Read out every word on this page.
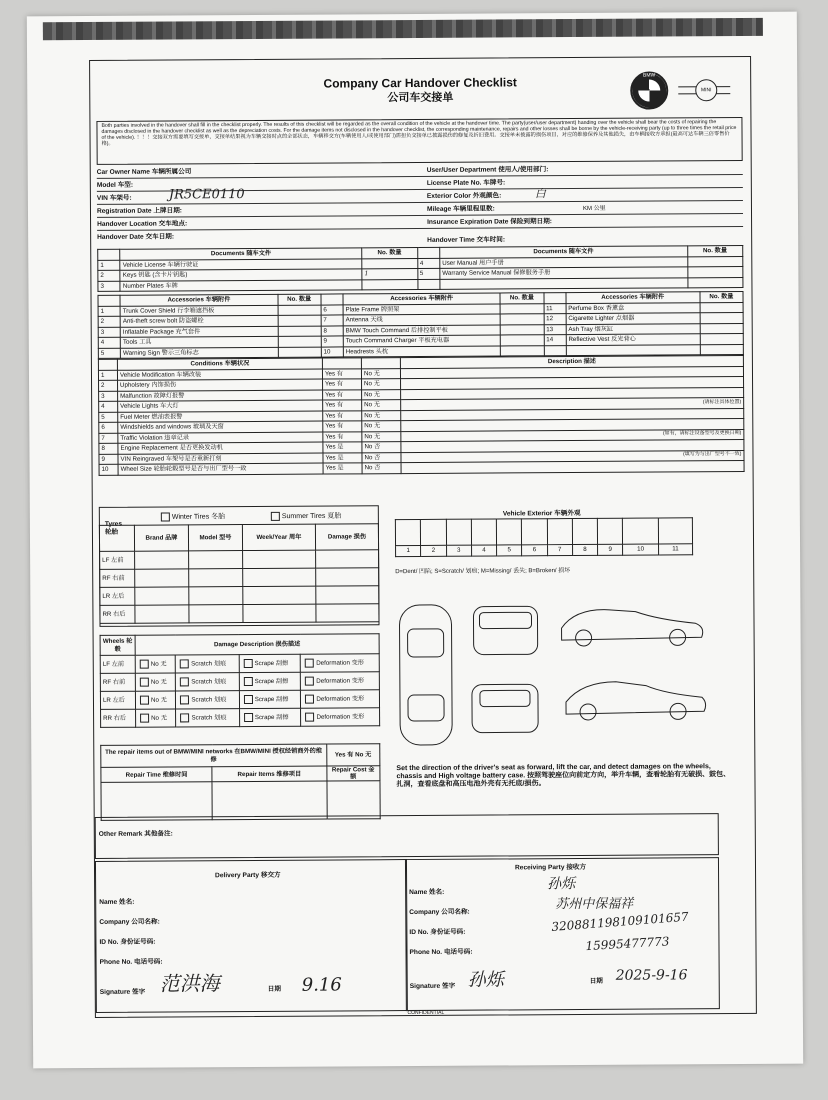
Company Car Handover Checklist
公司车交接单
BMW
MINI
Both parties involved in the handover shall fill in the checklist properly. The results of this checklist will be regarded as the overall condition of the vehicle at the handover time. The party(user/user department) handing over the vehicle shall bear the costs of repairing the damages disclosed in the handover checklist as well as the depreciation costs. For the damage items not disclosed in the handover checklist, the corresponding maintenance, repairs and other losses shall be borne by the vehicle-receiving party (up to three times the retail price of the vehicle). ！！！交接双方需要填写交接单，交接单结果视为车辆交接时点的全部状态，车辆移交方(车辆使用人/或使用部门)需担负交接单已披露损伤的修复及折旧费用。交接单未披露的损伤项目，对应的维修保养及其他损失，由车辆接收方承担(最高可达车辆三倍零售价格)。
Car Owner Name 车辆所属公司	User/User Department 使用人/使用部门:
Model 车型:	License Plate No. 车牌号:
VIN 车架号:	JR5CE0110	Exterior Color 外观颜色:	白
Registration Date 上牌日期:	Mileage 车辆里程里数:	KM 公里
Handover Location 交车地点:	Insurance Expiration Date 保险到期日期:
Handover Date 交车日期:	Handover Time 交车时间:
	Documents 随车文件	No. 数量		Documents 随车文件	No. 数量
1	Vehicle License 车辆行驶证		4	User Manual 用户手册	
2	Keys 钥匙 (含卡片钥匙)	1	5	Warranty Service Manual 保修服务手册	
3	Number Plates 车牌				
	Accessories 车辆附件	No. 数量		Accessories 车辆附件	No. 数量		Accessories 车辆附件	No. 数量
1	Trunk Cover Shield 行李箱遮挡板		6	Plate Frame 牌照架		11	Perfume Box 香薰盒	
2	Anti-theft screw bolt 防盗螺栓		7	Antenna 天线		12	Cigarette Lighter 点烟器	
3	Inflatable Package 充气套件		8	BMW Touch Command 后排控制平板		13	Ash Tray 烟灰缸	
4	Tools 工具		9	Touch Command Charger 平板充电器		14	Reflective Vest 反光背心	
5	Warning Sign 警示三角标志		10	Headrests 头枕				
	Conditions 车辆状况			Description 描述
1	Vehicle Modification 车辆改装	Yes 有	No 无	
2	Upholstery 内饰损伤	Yes 有	No 无	
3	Malfunction 故障灯报警	Yes 有	No 无	
4	Vehicle Lights 车大灯	Yes 有	No 无	(请标注具体位置)
5	Fuel Meter 燃油表报警	Yes 有	No 无	
6	Windshields and windows 玻璃及天窗	Yes 有	No 无	
7	Traffic Violation 违章记录	Yes 有	No 无	(如有，请标注设备型号及更换日期)
8	Engine Replacement 是否更换发动机	Yes 是	No 否	
9	VIN Reingraved 车架号是否重新打刻	Yes 是	No 否	(填写为与出厂型号不一致)
10	Wheel Size 轮胎轮毂型号是否与出厂型号一致	Yes 是	No 否	
Tyres 轮胎
Winter Tires 冬胎	Summer Tires 夏胎
	Brand 品牌	Model 型号	Week/Year 周年	Damage 损伤
LF 左前				
RF 右前				
LR 左后				
RR 右后				
Vehicle Exterior 车辆外观

1	2	3	4	5	6	7	8	9	10	11
D=Dent/ 凹陷; S=Scratch/ 划痕; M=Missing/ 丢失; B=Broken/ 损坏
Wheels 轮毂	Damage Description 损伤描述			
LF 左前	No 无	Scratch 划痕	Scrape 刮擦	Deformation 变形
RF 右前	No 无	Scratch 划痕	Scrape 刮擦	Deformation 变形
LR 左后	No 无	Scratch 划痕	Scrape 刮擦	Deformation 变形
RR 右后	No 无	Scratch 划痕	Scrape 刮擦	Deformation 变形
The repair items out of BMW/MINI networks 在BMW/MINI 授权经销商外的维修		Yes 有 No 无
Repair Time 维修时间	Repair Items 维修项目	Repair Cost 金额

Set the direction of the driver's seat as forward, lift the car, and detect damages on the wheels, chassis and High voltage battery case. 按照驾驶座位向前定方向，举升车辆，查看轮胎有无破损、鼓包、扎洞，查看底盘和高压电池外壳有无托底/损伤。
Other Remark 其他备注:
Delivery Party 移交方
Receiving Party 接收方
Name 姓名:
Company 公司名称:
ID No. 身份证号码:
Phone No. 电话号码:
Signature 签字 范洪海	日期 9.16
Name 姓名:
孙烁
Company 公司名称:
苏州中保福祥
ID No. 身份证号码:	320881198109101657
Phone No. 电话号码:	15995477773
Signature 签字 孙烁	日期 2025-9-16
CONFIDENTIAL
